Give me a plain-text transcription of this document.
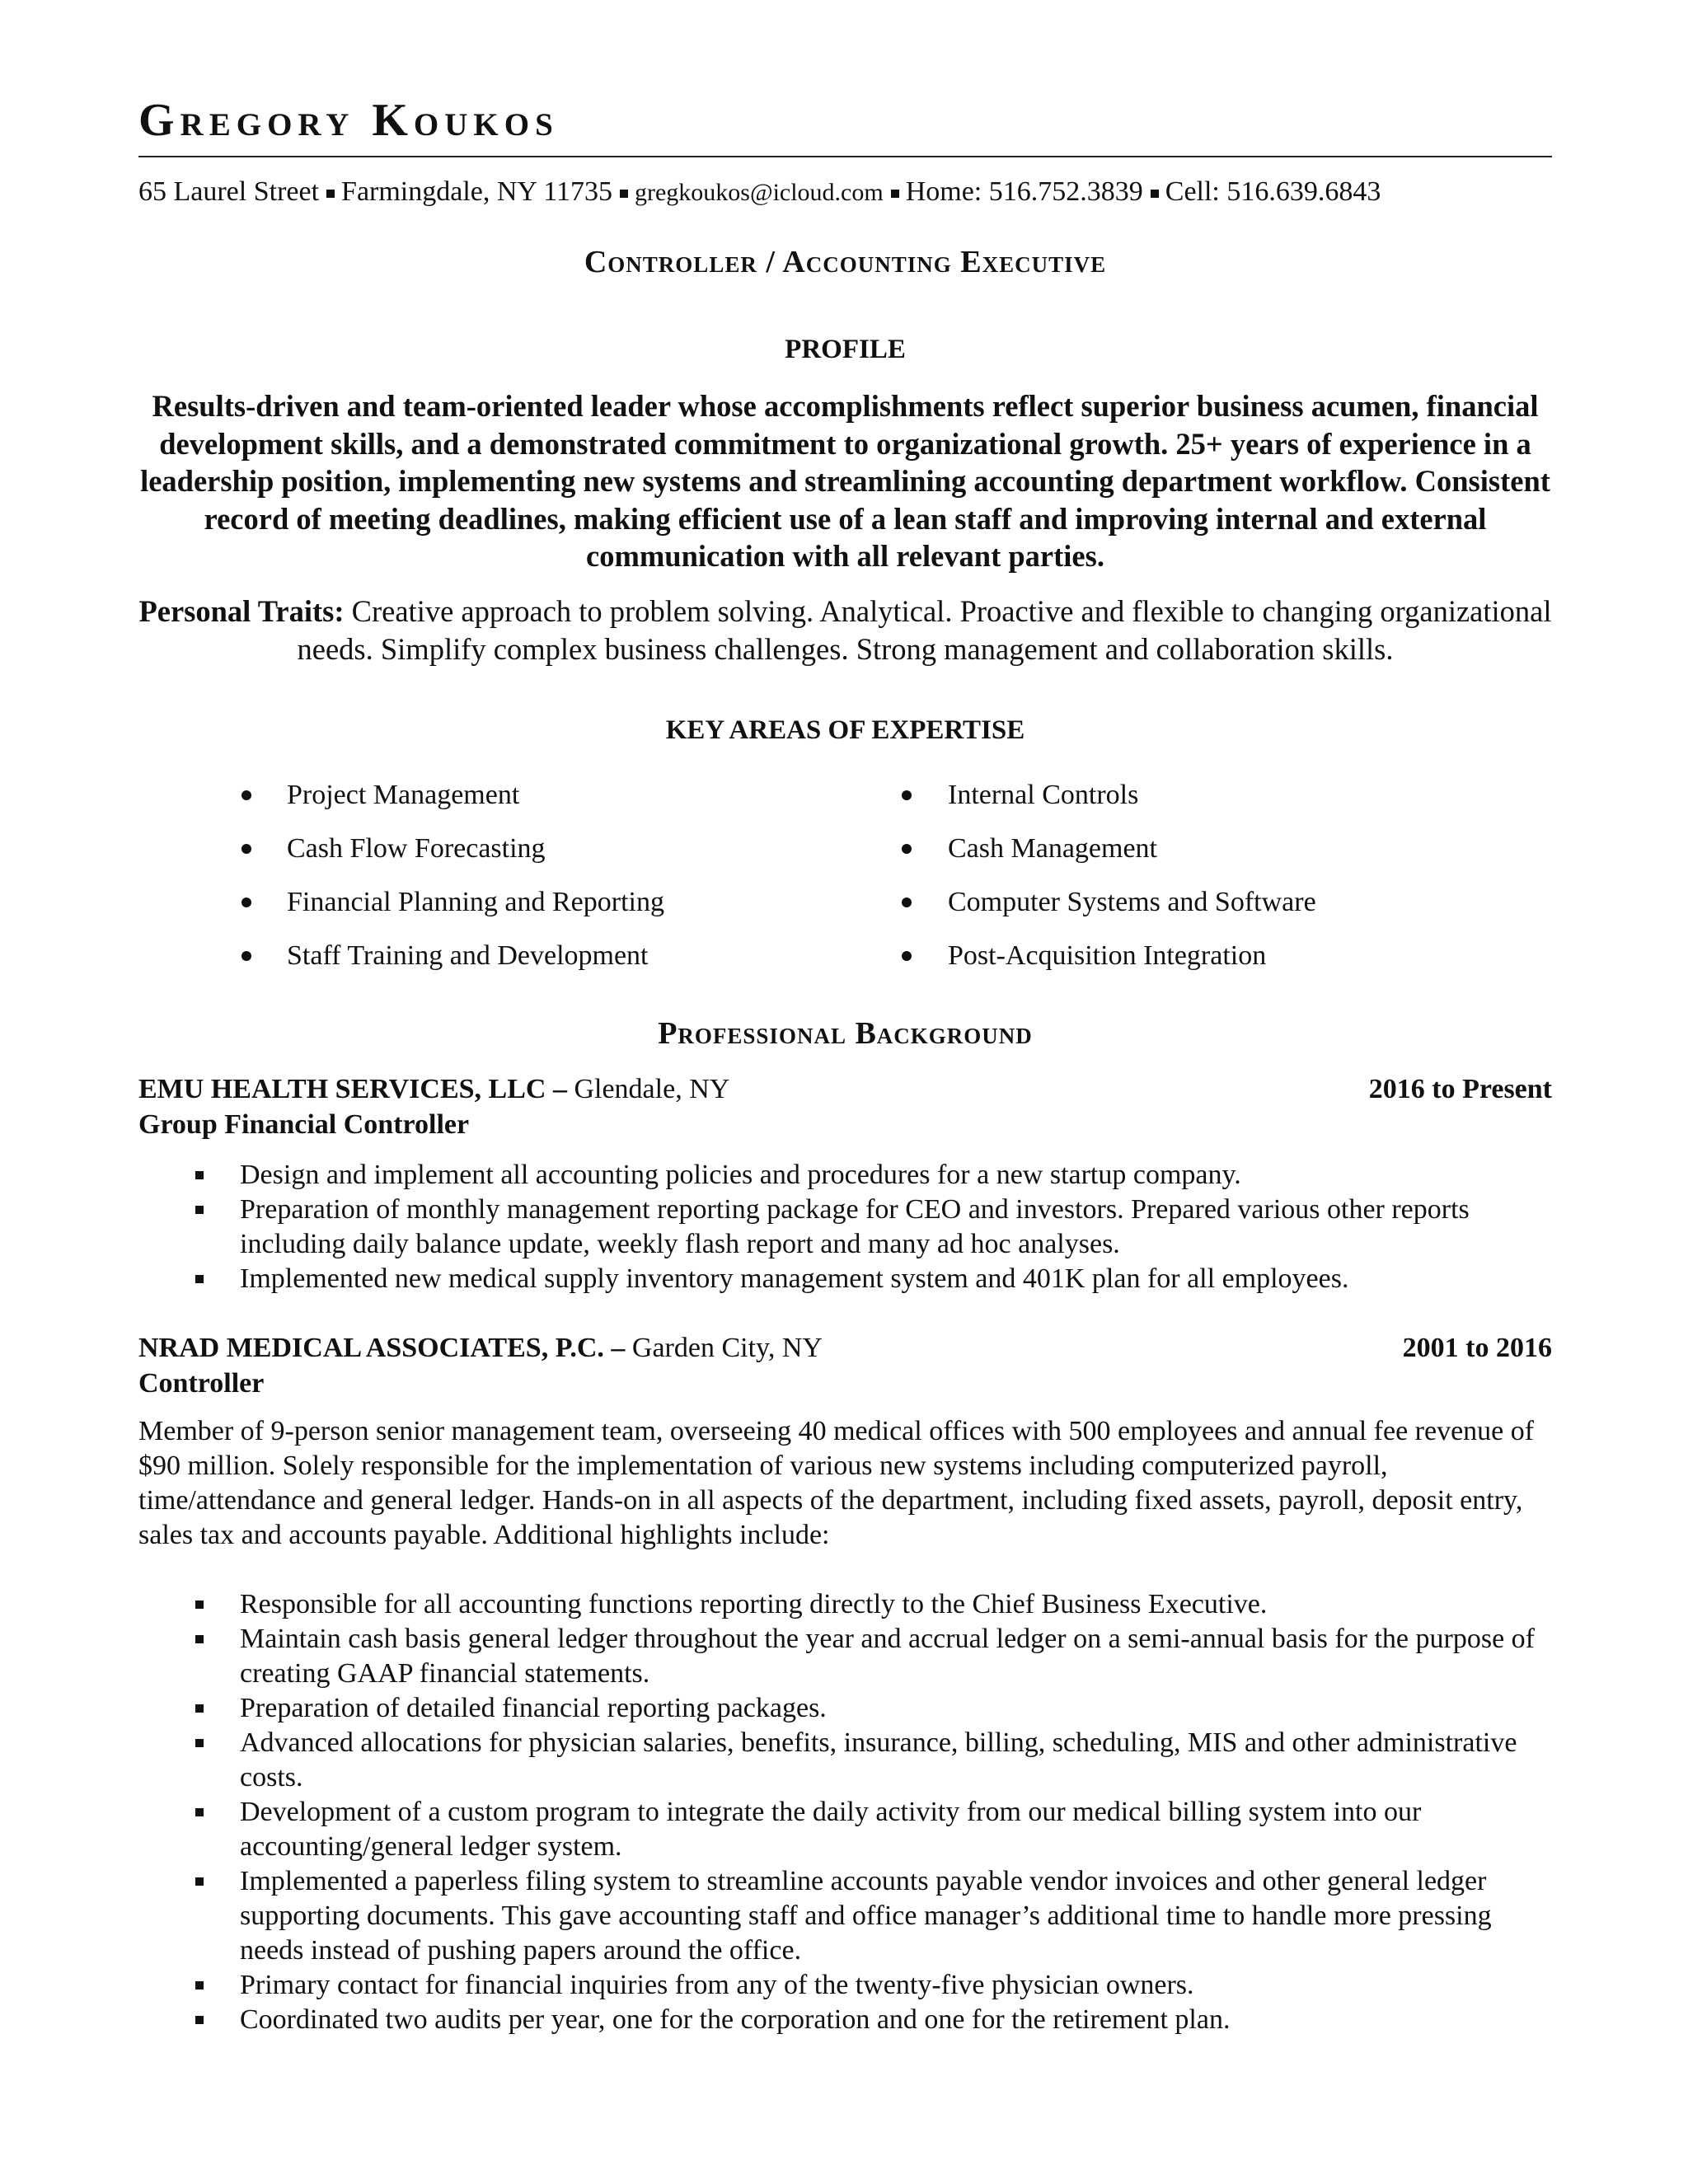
Gregory Koukos
65 Laurel Street Farmingdale, NY 11735 gregkoukos@icloud.com Home: 516.752.3839 Cell: 516.639.6843
Controller / Accounting Executive
PROFILE
Results-driven and team-oriented leader whose accomplishments reflect superior business acumen, financial development skills, and a demonstrated commitment to organizational growth. 25+ years of experience in a leadership position, implementing new systems and streamlining accounting department workflow. Consistent record of meeting deadlines, making efficient use of a lean staff and improving internal and external communication with all relevant parties.
Personal Traits: Creative approach to problem solving. Analytical. Proactive and flexible to changing organizational needs. Simplify complex business challenges. Strong management and collaboration skills.
KEY AREAS OF EXPERTISE
Project Management
Cash Flow Forecasting
Financial Planning and Reporting
Staff Training and Development
Internal Controls
Cash Management
Computer Systems and Software
Post-Acquisition Integration
Professional Background
EMU HEALTH SERVICES, LLC – Glendale, NY	2016 to Present
Group Financial Controller
Design and implement all accounting policies and procedures for a new startup company.
Preparation of monthly management reporting package for CEO and investors. Prepared various other reports including daily balance update, weekly flash report and many ad hoc analyses.
Implemented new medical supply inventory management system and 401K plan for all employees.
NRAD MEDICAL ASSOCIATES, P.C. – Garden City, NY	2001 to 2016
Controller
Member of 9-person senior management team, overseeing 40 medical offices with 500 employees and annual fee revenue of $90 million. Solely responsible for the implementation of various new systems including computerized payroll, time/attendance and general ledger. Hands-on in all aspects of the department, including fixed assets, payroll, deposit entry, sales tax and accounts payable. Additional highlights include:
Responsible for all accounting functions reporting directly to the Chief Business Executive.
Maintain cash basis general ledger throughout the year and accrual ledger on a semi-annual basis for the purpose of creating GAAP financial statements.
Preparation of detailed financial reporting packages.
Advanced allocations for physician salaries, benefits, insurance, billing, scheduling, MIS and other administrative costs.
Development of a custom program to integrate the daily activity from our medical billing system into our accounting/general ledger system.
Implemented a paperless filing system to streamline accounts payable vendor invoices and other general ledger supporting documents. This gave accounting staff and office manager’s additional time to handle more pressing needs instead of pushing papers around the office.
Primary contact for financial inquiries from any of the twenty-five physician owners.
Coordinated two audits per year, one for the corporation and one for the retirement plan.
